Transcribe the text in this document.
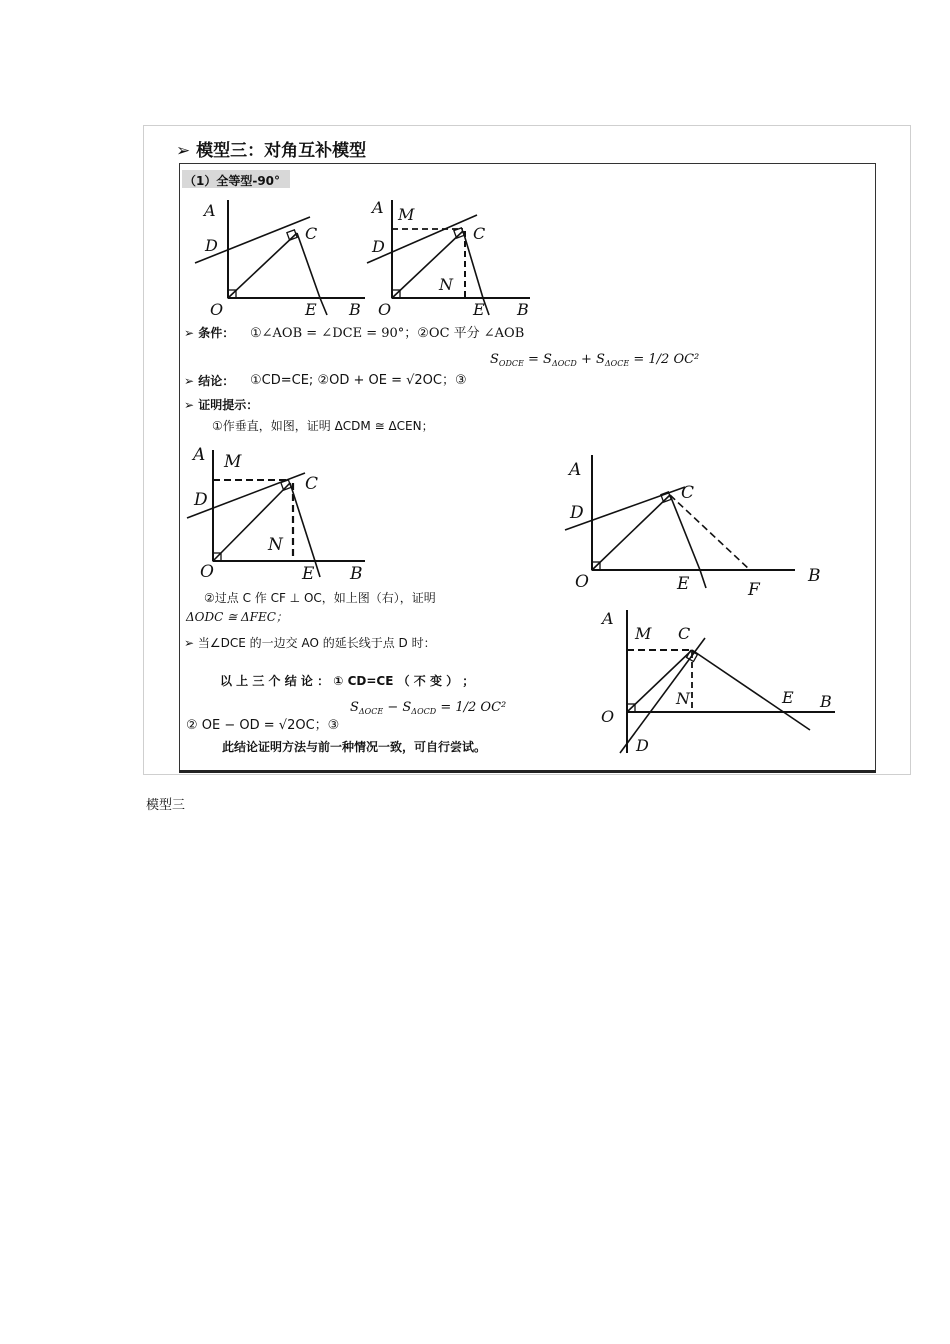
➢ 模型三：对角互补模型
（1）全等型-90°
A
D
C
O	E B
A M
D
C
N
O	E B
➢ 条件： ①∠AOB = ∠DCE = 90°；②OC 平分 ∠AOB
➢ 结论： ①CD=CE; ②OD + OE = √2OC；③
$S_{ODCE} = S_{\Delta OCD} + S_{\Delta OCE} = 1/2$ OC²
➢ 证明提示：
①作垂直，如图，证明 ΔCDM ≅ ΔCEN；
A M
D
C
N
O	E B
A
D
C
O	E	F
B
②过点 C 作 CF ⊥ OC，如上图（右），证明
ΔODC ≅ ΔFEC；
➢ 当∠DCE 的一边交 AO 的延长线于点 D 时：
以 上 三 个 结 论 ： ① CD=CE （ 不 变 ） ；
② OE − OD = √2OC；③
$S_{\Delta OCE} - S_{\Delta OCD} = 1/2$ OC²
此结论证明方法与前一种情况一致，可自行尝试。
A
M C
N
O
E B
D
模型三
